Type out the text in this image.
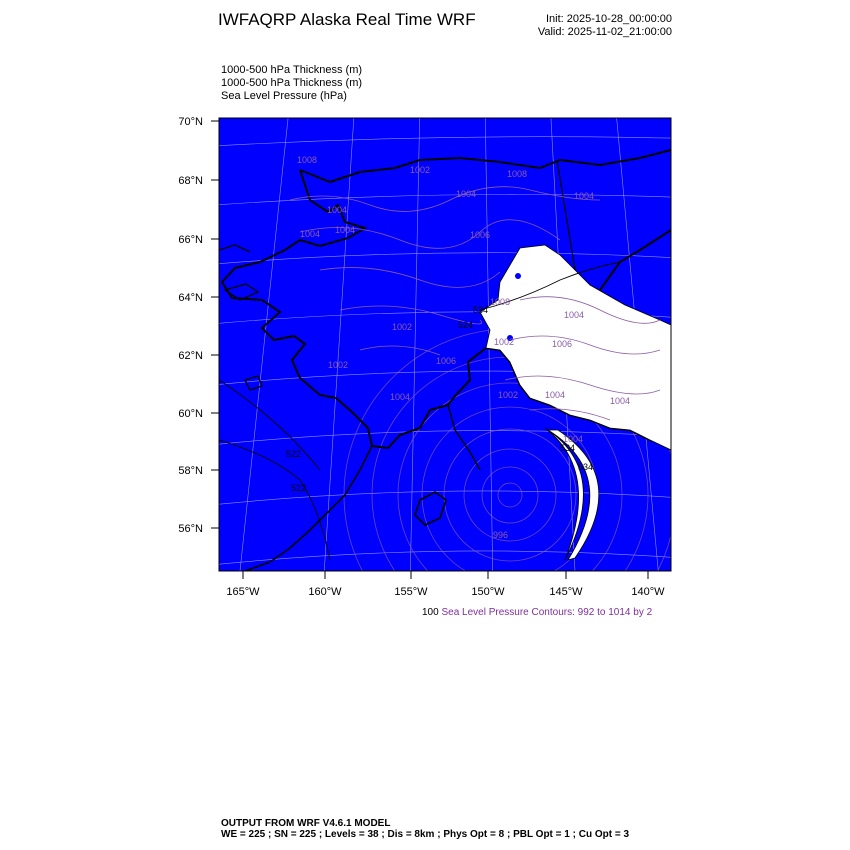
IWFAQRP Alaska Real Time WRF	Init: 2025-10-28_00:00:00
Valid: 2025-11-02_21:00:00
1000-500 hPa Thickness (m)
1000-500 hPa Thickness (m)
Sea Level Pressure (hPa)
1008
1002
1004
1004
1004 1004	1006
1008
1004
1002
1006
1002
1004
1008
1004
1002	1006
1004
1004
1002
1004
996
522
522
534
524
534
534
70°N
68°N
66°N
64°N
62°N
60°N
58°N
56°N
165°W	160°W	155°W	150°W	145°W	140°W
100 Sea Level Pressure Contours: 992 to 1014 by 2
OUTPUT FROM WRF V4.6.1 MODEL
WE = 225 ; SN = 225 ; Levels = 38 ; Dis = 8km ; Phys Opt = 8 ; PBL Opt = 1 ; Cu Opt = 3
